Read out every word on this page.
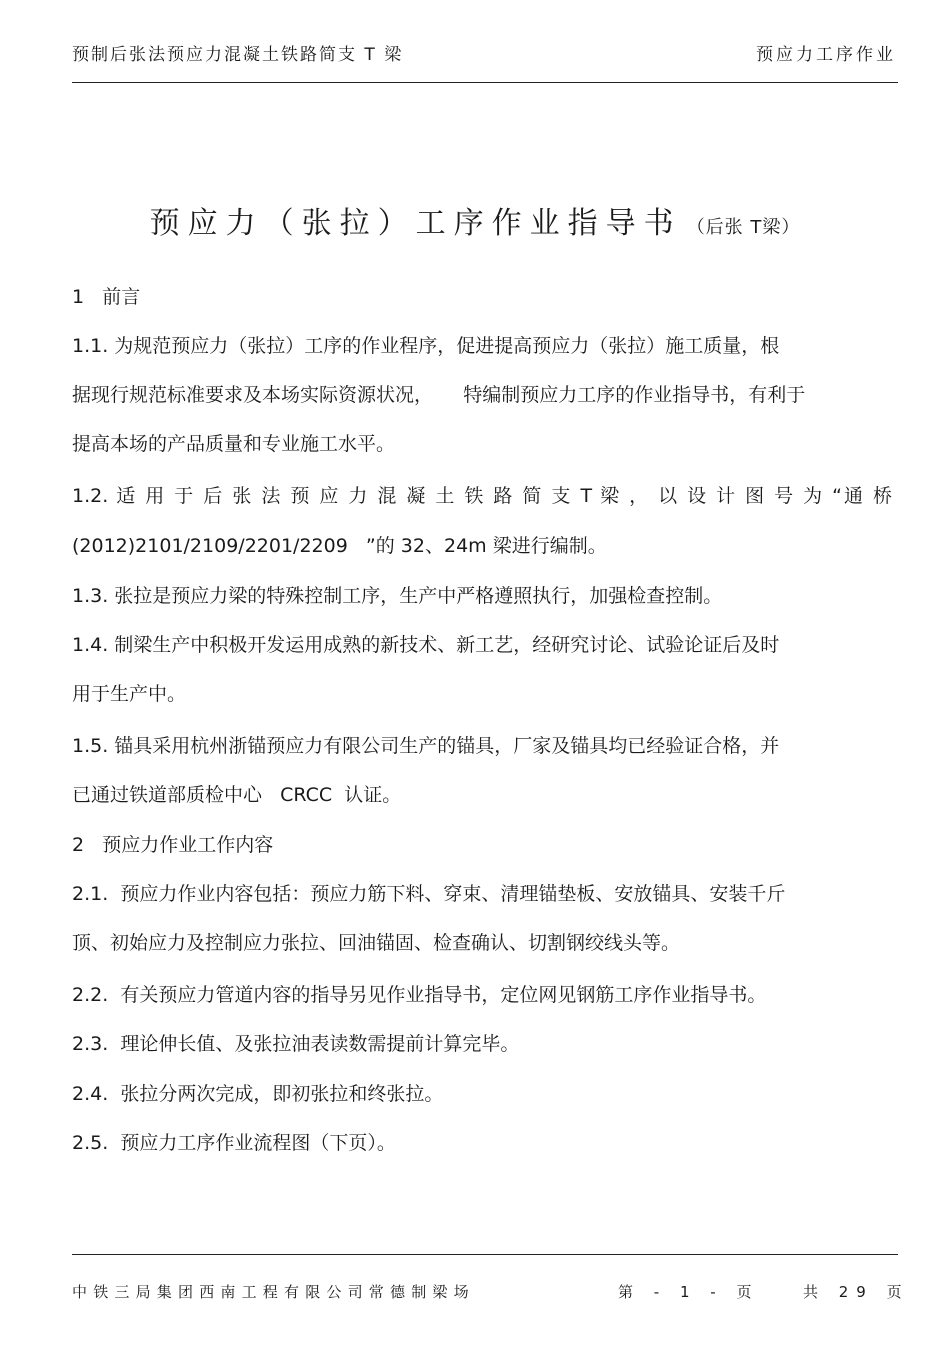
预制后张法预应力混凝土铁路简支 T 梁	预应力工序作业
预应力（张拉）工序作业指导书 （后张 T梁）
1   前言
1.1. 为规范预应力（张拉）工序的作业程序，促进提高预应力（张拉）施工质量，根
据现行规范标准要求及本场实际资源状况，     特编制预应力工序的作业指导书，有利于
提高本场的产品质量和专业施工水平。
1.2. 适 用 于 后 张 法 预 应 力 混 凝 土 铁 路 简 支 T 梁 ， 以 设 计 图 号 为 “通 桥
(2012)2101/2109/2201/2209   ”的 32、24m 梁进行编制。
1.3. 张拉是预应力梁的特殊控制工序，生产中严格遵照执行，加强检查控制。
1.4. 制梁生产中积极开发运用成熟的新技术、新工艺，经研究讨论、试验论证后及时
用于生产中。
1.5. 锚具采用杭州浙锚预应力有限公司生产的锚具，厂家及锚具均已经验证合格，并
已通过铁道部质检中心   CRCC  认证。
2   预应力作业工作内容
2.1.  预应力作业内容包括：预应力筋下料、穿束、清理锚垫板、安放锚具、安装千斤
顶、初始应力及控制应力张拉、回油锚固、检查确认、切割钢绞线头等。
2.2.  有关预应力管道内容的指导另见作业指导书，定位网见钢筋工序作业指导书。
2.3.  理论伸长值、及张拉油表读数需提前计算完毕。
2.4.  张拉分两次完成，即初张拉和终张拉。
2.5.  预应力工序作业流程图（下页）。
中铁三局集团西南工程有限公司常德制梁场	第 - 1 - 页	共 29 页
